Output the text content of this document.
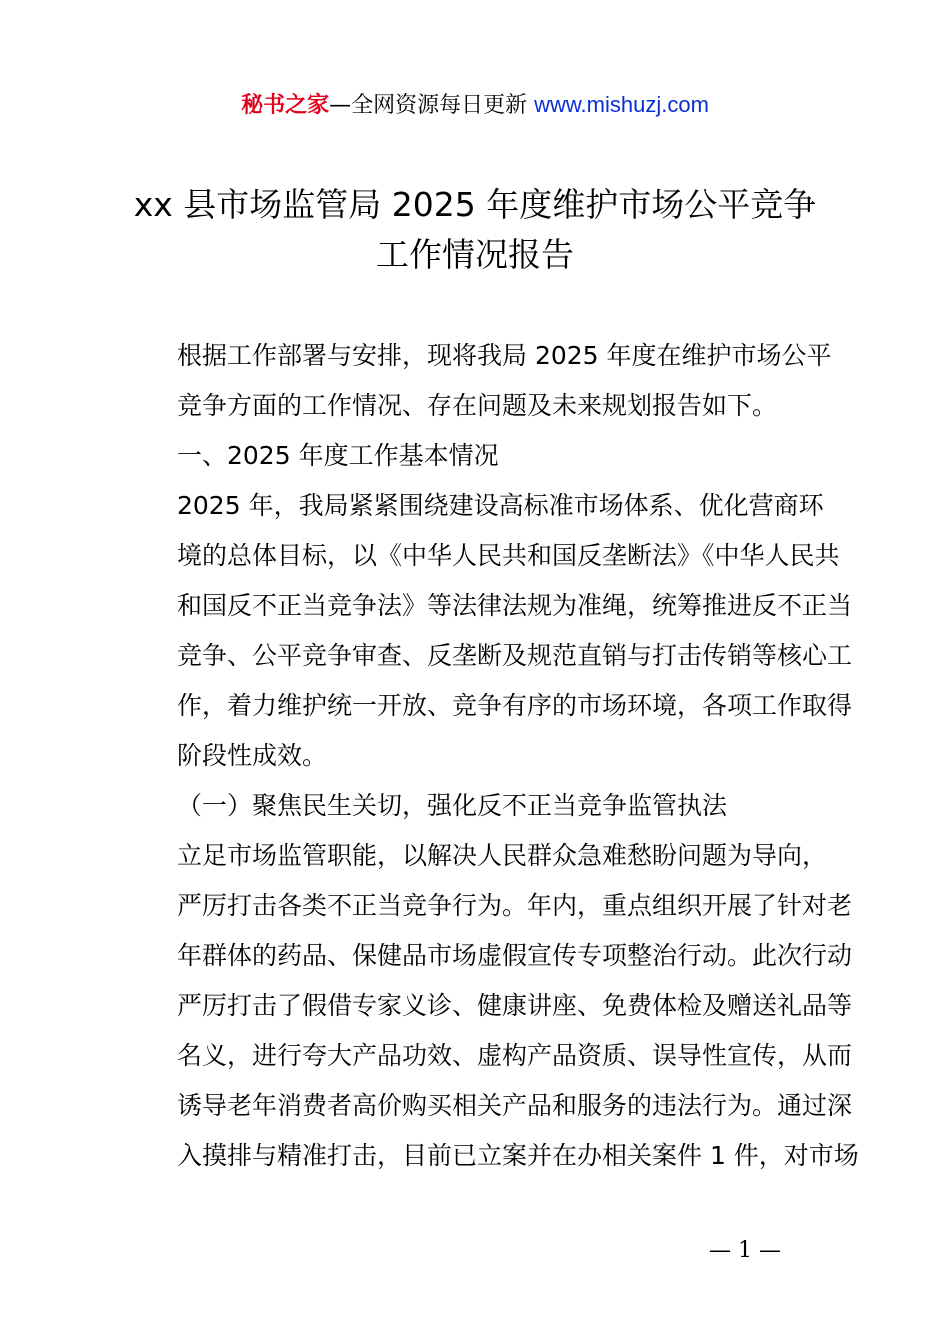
秘书之家—全网资源每日更新 www.mishuzj.com
xx 县市场监管局 2025 年度维护市场公平竞争
工作情况报告

根据工作部署与安排，现将我局 2025 年度在维护市场公平
竞争方面的工作情况、存在问题及未来规划报告如下。

一、2025 年度工作基本情况

2025 年，我局紧紧围绕建设高标准市场体系、优化营商环
境的总体目标，以《中华人民共和国反垄断法》《中华人民共
和国反不正当竞争法》等法律法规为准绳，统筹推进反不正当
竞争、公平竞争审查、反垄断及规范直销与打击传销等核心工
作，着力维护统一开放、竞争有序的市场环境，各项工作取得
阶段性成效。

（一）聚焦民生关切，强化反不正当竞争监管执法

立足市场监管职能，以解决人民群众急难愁盼问题为导向，
严厉打击各类不正当竞争行为。年内，重点组织开展了针对老
年群体的药品、保健品市场虚假宣传专项整治行动。此次行动
严厉打击了假借专家义诊、健康讲座、免费体检及赠送礼品等
名义，进行夸大产品功效、虚构产品资质、误导性宣传，从而
诱导老年消费者高价购买相关产品和服务的违法行为。通过深
入摸排与精准打击，目前已立案并在办相关案件 1 件，对市场

— 1 —
